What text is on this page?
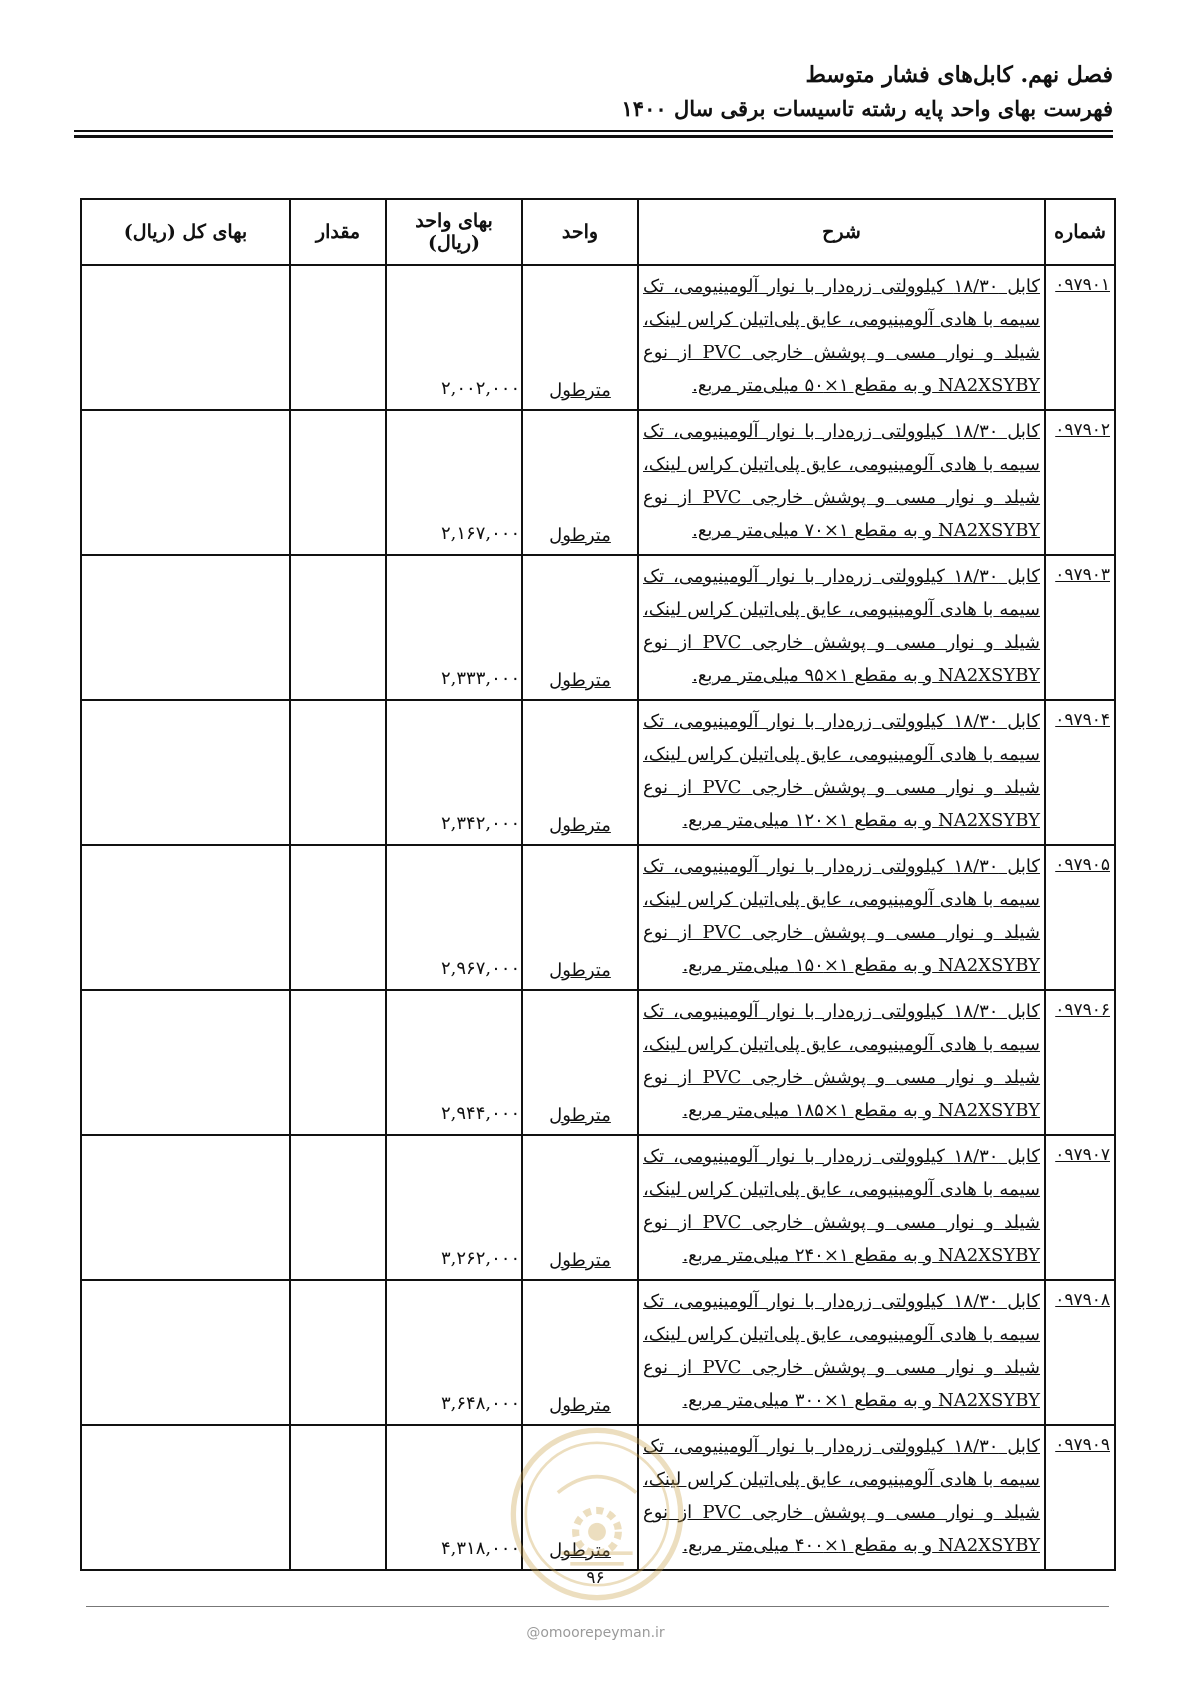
فصل نهم. کابل‌های فشار متوسط
فهرست بهای واحد پایه رشته تاسیسات برقی سال ۱۴۰۰
شماره	شرح	واحد	بهای واحد (ریال)	مقدار	بهای کل (ریال)

۰۹۷۹۰۱	کابل ۱۸/۳۰ کیلوولتی زره‌دار با نوار آلومینیومی، تک سیمه با هادی آلومینیومی، عایق پلی‌اتیلن کراس لینک، شیلد و نوار مسی و پوشش خارجی PVC از نوع NA2XSYBY و به مقطع ۱×۵۰ میلی‌متر مربع.	مترطول	۲,۰۰۲,۰۰۰		

۰۹۷۹۰۲	کابل ۱۸/۳۰ کیلوولتی زره‌دار با نوار آلومینیومی، تک سیمه با هادی آلومینیومی، عایق پلی‌اتیلن کراس لینک، شیلد و نوار مسی و پوشش خارجی PVC از نوع NA2XSYBY و به مقطع ۱×۷۰ میلی‌متر مربع.	مترطول	۲,۱۶۷,۰۰۰		

۰۹۷۹۰۳	کابل ۱۸/۳۰ کیلوولتی زره‌دار با نوار آلومینیومی، تک سیمه با هادی آلومینیومی، عایق پلی‌اتیلن کراس لینک، شیلد و نوار مسی و پوشش خارجی PVC از نوع NA2XSYBY و به مقطع ۱×۹۵ میلی‌متر مربع.	مترطول	۲,۳۳۳,۰۰۰		

۰۹۷۹۰۴	کابل ۱۸/۳۰ کیلوولتی زره‌دار با نوار آلومینیومی، تک سیمه با هادی آلومینیومی، عایق پلی‌اتیلن کراس لینک، شیلد و نوار مسی و پوشش خارجی PVC از نوع NA2XSYBY و به مقطع ۱×۱۲۰ میلی‌متر مربع.	مترطول	۲,۳۴۲,۰۰۰		

۰۹۷۹۰۵	کابل ۱۸/۳۰ کیلوولتی زره‌دار با نوار آلومینیومی، تک سیمه با هادی آلومینیومی، عایق پلی‌اتیلن کراس لینک، شیلد و نوار مسی و پوشش خارجی PVC از نوع NA2XSYBY و به مقطع ۱×۱۵۰ میلی‌متر مربع.	مترطول	۲,۹۶۷,۰۰۰		

۰۹۷۹۰۶	کابل ۱۸/۳۰ کیلوولتی زره‌دار با نوار آلومینیومی، تک سیمه با هادی آلومینیومی، عایق پلی‌اتیلن کراس لینک، شیلد و نوار مسی و پوشش خارجی PVC از نوع NA2XSYBY و به مقطع ۱×۱۸۵ میلی‌متر مربع.	مترطول	۲,۹۴۴,۰۰۰		

۰۹۷۹۰۷	کابل ۱۸/۳۰ کیلوولتی زره‌دار با نوار آلومینیومی، تک سیمه با هادی آلومینیومی، عایق پلی‌اتیلن کراس لینک، شیلد و نوار مسی و پوشش خارجی PVC از نوع NA2XSYBY و به مقطع ۱×۲۴۰ میلی‌متر مربع.	مترطول	۳,۲۶۲,۰۰۰		

۰۹۷۹۰۸	کابل ۱۸/۳۰ کیلوولتی زره‌دار با نوار آلومینیومی، تک سیمه با هادی آلومینیومی، عایق پلی‌اتیلن کراس لینک، شیلد و نوار مسی و پوشش خارجی PVC از نوع NA2XSYBY و به مقطع ۱×۳۰۰ میلی‌متر مربع.	مترطول	۳,۶۴۸,۰۰۰		

۰۹۷۹۰۹	کابل ۱۸/۳۰ کیلوولتی زره‌دار با نوار آلومینیومی، تک سیمه با هادی آلومینیومی، عایق پلی‌اتیلن کراس لینک، شیلد و نوار مسی و پوشش خارجی PVC از نوع NA2XSYBY و به مقطع ۱×۴۰۰ میلی‌متر مربع.	مترطول	۴,۳۱۸,۰۰۰		

۹۶
@omoorepeyman.ir
